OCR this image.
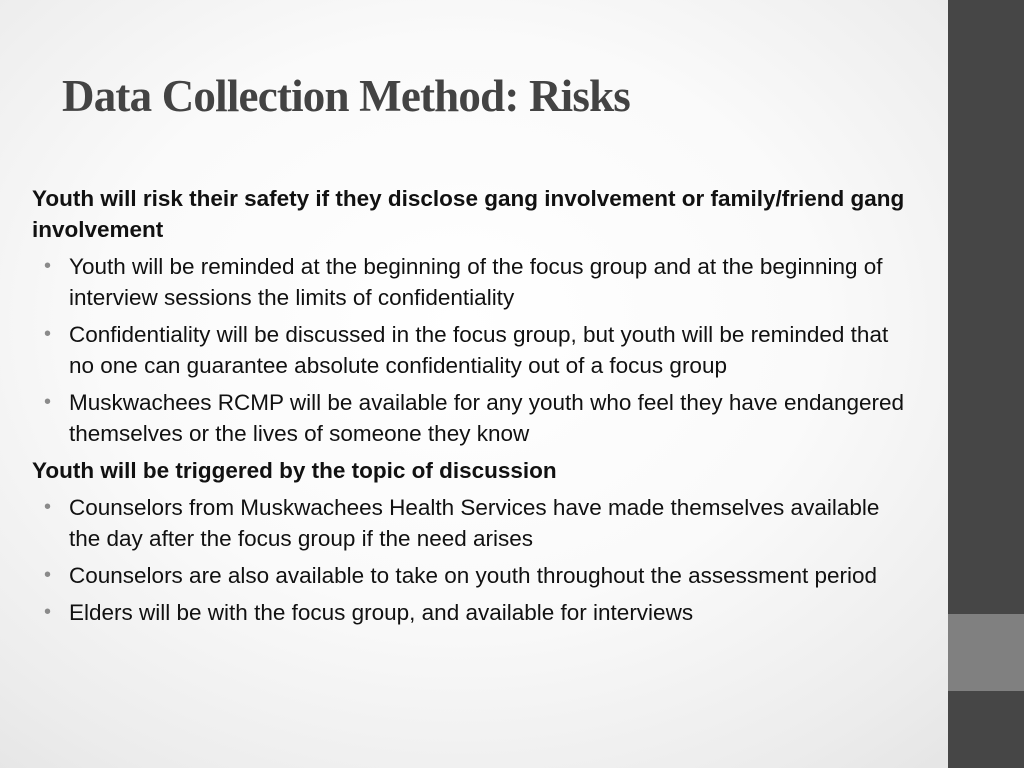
Data Collection Method: Risks

Youth will risk their safety if they disclose gang involvement or family/friend gang involvement

• Youth will be reminded at the beginning of the focus group and at the beginning of interview sessions the limits of confidentiality
• Confidentiality will be discussed in the focus group, but youth will be reminded that no one can guarantee absolute confidentiality out of a focus group
• Muskwachees RCMP will be available for any youth who feel they have endangered themselves or the lives of someone they know

Youth will be triggered by the topic of discussion

• Counselors from Muskwachees Health Services have made themselves available the day after the focus group if the need arises
• Counselors are also available to take on youth throughout the assessment period
• Elders will be with the focus group, and available for interviews
